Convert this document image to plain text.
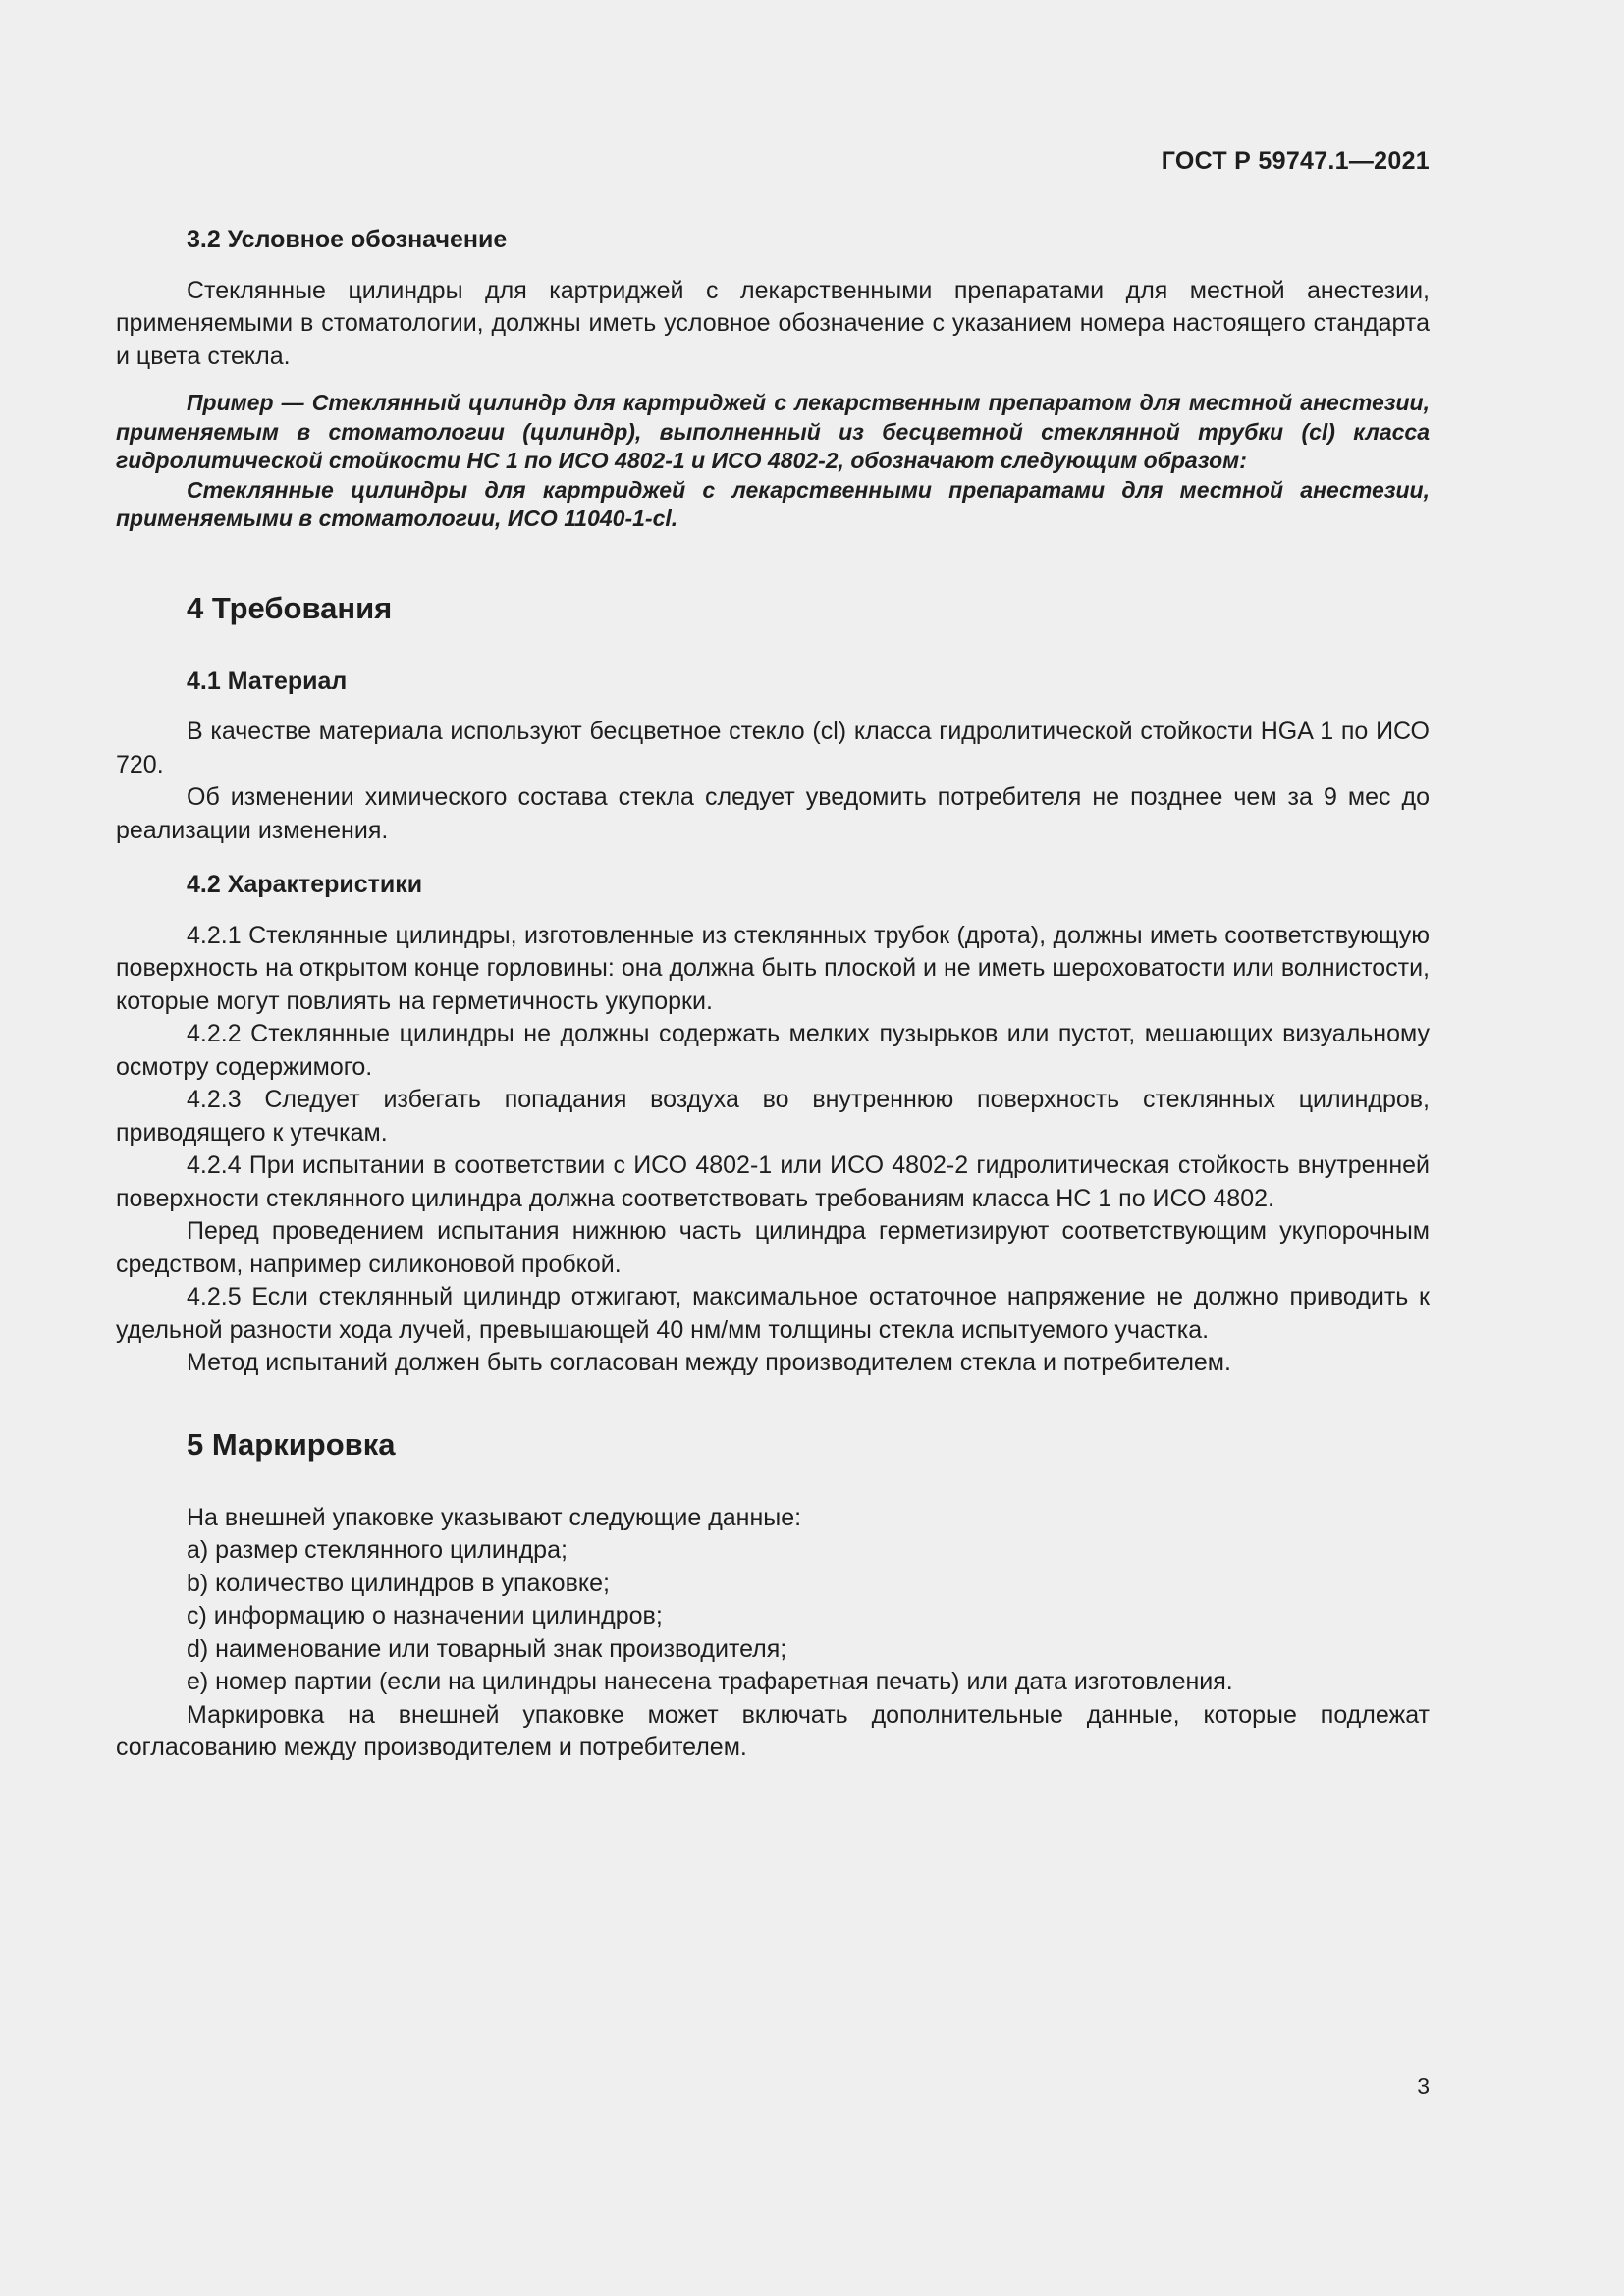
ГОСТ Р 59747.1—2021
3.2 Условное обозначение

Стеклянные цилиндры для картриджей с лекарственными препаратами для местной анестезии, применяемыми в стоматологии, должны иметь условное обозначение с указанием номера настоящего стандарта и цвета стекла.

Пример — Стеклянный цилиндр для картриджей с лекарственным препаратом для местной анестезии, применяемым в стоматологии (цилиндр), выполненный из бесцветной стеклянной трубки (cl) класса гидролитической стойкости НС 1 по ИСО 4802-1 и ИСО 4802-2, обозначают следующим образом:

Стеклянные цилиндры для картриджей с лекарственными препаратами для местной анестезии, применяемыми в стоматологии, ИСО 11040-1-cl.

4 Требования
4.1 Материал

В качестве материала используют бесцветное стекло (cl) класса гидролитической стойкости HGA 1 по ИСО 720.

Об изменении химического состава стекла следует уведомить потребителя не позднее чем за 9 мес до реализации изменения.

4.2 Характеристики

4.2.1 Стеклянные цилиндры, изготовленные из стеклянных трубок (дрота), должны иметь соответствующую поверхность на открытом конце горловины: она должна быть плоской и не иметь шероховатости или волнистости, которые могут повлиять на герметичность укупорки.

4.2.2 Стеклянные цилиндры не должны содержать мелких пузырьков или пустот, мешающих визуальному осмотру содержимого.

4.2.3 Следует избегать попадания воздуха во внутреннюю поверхность стеклянных цилиндров, приводящего к утечкам.

4.2.4 При испытании в соответствии с ИСО 4802-1 или ИСО 4802-2 гидролитическая стойкость внутренней поверхности стеклянного цилиндра должна соответствовать требованиям класса НС 1 по ИСО 4802.

Перед проведением испытания нижнюю часть цилиндра герметизируют соответствующим укупорочным средством, например силиконовой пробкой.

4.2.5 Если стеклянный цилиндр отжигают, максимальное остаточное напряжение не должно приводить к удельной разности хода лучей, превышающей 40 нм/мм толщины стекла испытуемого участка.

Метод испытаний должен быть согласован между производителем стекла и потребителем.

5 Маркировка

На внешней упаковке указывают следующие данные:

a) размер стеклянного цилиндра;
b) количество цилиндров в упаковке;
c) информацию о назначении цилиндров;
d) наименование или товарный знак производителя;
e) номер партии (если на цилиндры нанесена трафаретная печать) или дата изготовления.

Маркировка на внешней упаковке может включать дополнительные данные, которые подлежат согласованию между производителем и потребителем.

3
